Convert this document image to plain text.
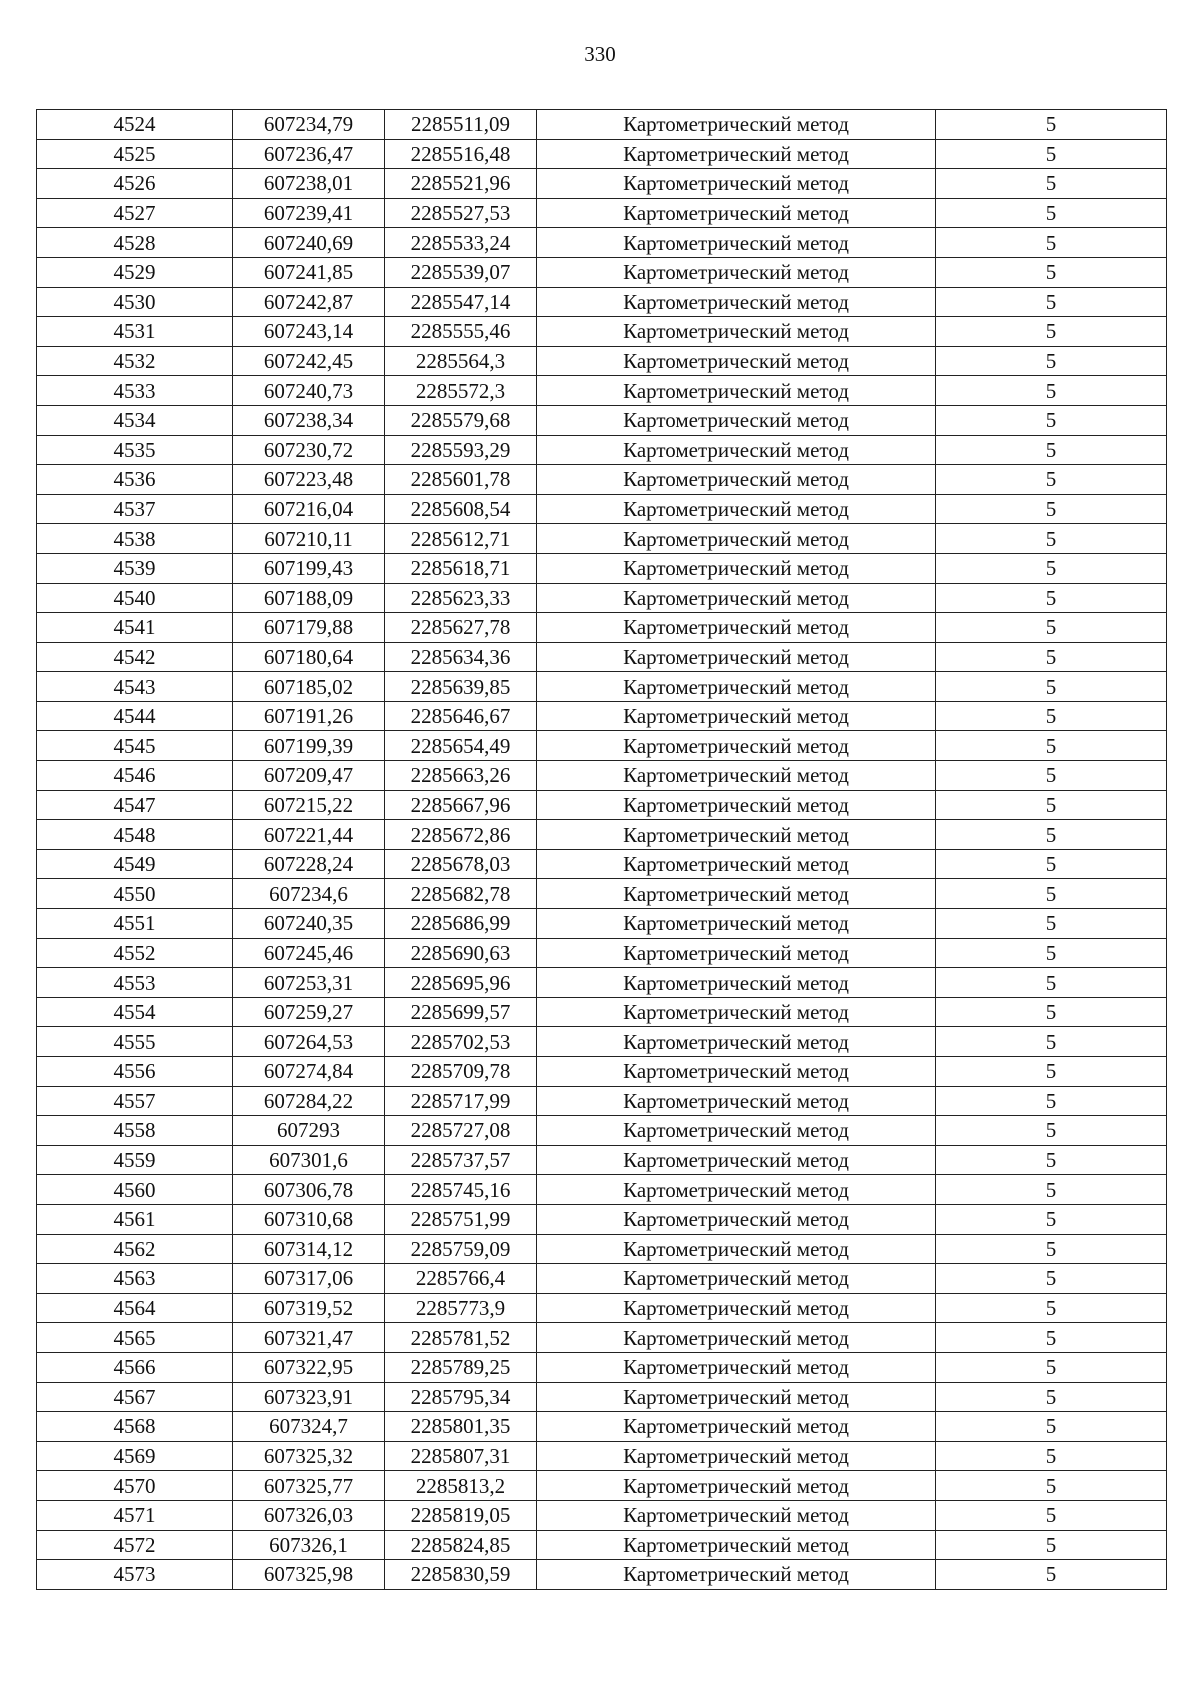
330
4524	607234,79	2285511,09	Картометрический метод	5
4525	607236,47	2285516,48	Картометрический метод	5
4526	607238,01	2285521,96	Картометрический метод	5
4527	607239,41	2285527,53	Картометрический метод	5
4528	607240,69	2285533,24	Картометрический метод	5
4529	607241,85	2285539,07	Картометрический метод	5
4530	607242,87	2285547,14	Картометрический метод	5
4531	607243,14	2285555,46	Картометрический метод	5
4532	607242,45	2285564,3	Картометрический метод	5
4533	607240,73	2285572,3	Картометрический метод	5
4534	607238,34	2285579,68	Картометрический метод	5
4535	607230,72	2285593,29	Картометрический метод	5
4536	607223,48	2285601,78	Картометрический метод	5
4537	607216,04	2285608,54	Картометрический метод	5
4538	607210,11	2285612,71	Картометрический метод	5
4539	607199,43	2285618,71	Картометрический метод	5
4540	607188,09	2285623,33	Картометрический метод	5
4541	607179,88	2285627,78	Картометрический метод	5
4542	607180,64	2285634,36	Картометрический метод	5
4543	607185,02	2285639,85	Картометрический метод	5
4544	607191,26	2285646,67	Картометрический метод	5
4545	607199,39	2285654,49	Картометрический метод	5
4546	607209,47	2285663,26	Картометрический метод	5
4547	607215,22	2285667,96	Картометрический метод	5
4548	607221,44	2285672,86	Картометрический метод	5
4549	607228,24	2285678,03	Картометрический метод	5
4550	607234,6	2285682,78	Картометрический метод	5
4551	607240,35	2285686,99	Картометрический метод	5
4552	607245,46	2285690,63	Картометрический метод	5
4553	607253,31	2285695,96	Картометрический метод	5
4554	607259,27	2285699,57	Картометрический метод	5
4555	607264,53	2285702,53	Картометрический метод	5
4556	607274,84	2285709,78	Картометрический метод	5
4557	607284,22	2285717,99	Картометрический метод	5
4558	607293	2285727,08	Картометрический метод	5
4559	607301,6	2285737,57	Картометрический метод	5
4560	607306,78	2285745,16	Картометрический метод	5
4561	607310,68	2285751,99	Картометрический метод	5
4562	607314,12	2285759,09	Картометрический метод	5
4563	607317,06	2285766,4	Картометрический метод	5
4564	607319,52	2285773,9	Картометрический метод	5
4565	607321,47	2285781,52	Картометрический метод	5
4566	607322,95	2285789,25	Картометрический метод	5
4567	607323,91	2285795,34	Картометрический метод	5
4568	607324,7	2285801,35	Картометрический метод	5
4569	607325,32	2285807,31	Картометрический метод	5
4570	607325,77	2285813,2	Картометрический метод	5
4571	607326,03	2285819,05	Картометрический метод	5
4572	607326,1	2285824,85	Картометрический метод	5
4573	607325,98	2285830,59	Картометрический метод	5
